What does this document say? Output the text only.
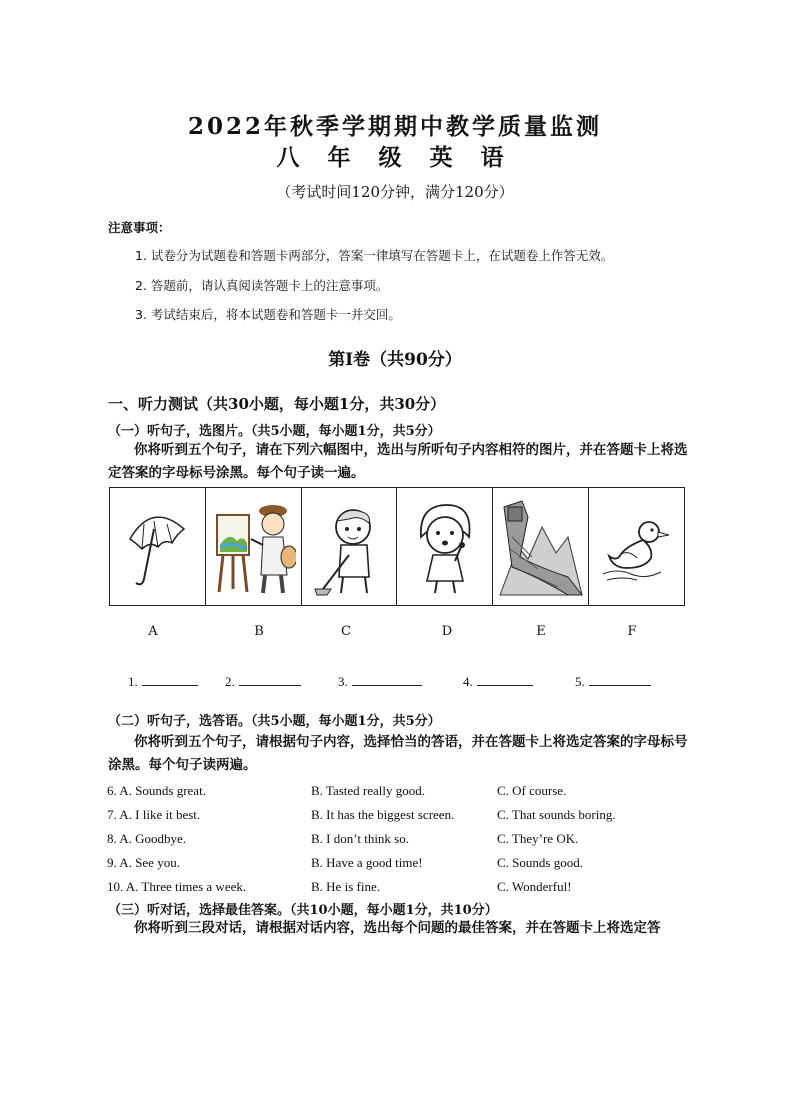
2022年秋季学期期中教学质量监测
八 年 级 英 语
（考试时间120分钟，满分120分）
注意事项：
1. 试卷分为试题卷和答题卡两部分，答案一律填写在答题卡上，在试题卷上作答无效。
2. 答题前，请认真阅读答题卡上的注意事项。
3. 考试结束后，将本试题卷和答题卡一并交回。
第Ⅰ卷（共90分）
一、听力测试（共30小题，每小题1分，共30分）
（一）听句子，选图片。（共5小题，每小题1分，共5分）
你将听到五个句子，请在下列六幅图中，选出与所听句子内容相符的图片，并在答题卡上将选定答案的字母标号涂黑。每个句子读一遍。
A	B	C	D	E	F
1.	2.	3.	4.	5.
（二）听句子，选答语。（共5小题，每小题1分，共5分）
你将听到五个句子，请根据句子内容，选择恰当的答语，并在答题卡上将选定答案的字母标号涂黑。每个句子读两遍。
6. A. Sounds great.	B. Tasted really good.	C. Of course.
7. A. I like it best.	B. It has the biggest screen.	C. That sounds boring.
8. A. Goodbye.	B. I don’t think so.	C. They’re OK.
9. A. See you.	B. Have a good time!	C. Sounds good.
10. A. Three times a week.	B. He is fine.	C. Wonderful!
（三）听对话，选择最佳答案。（共10小题，每小题1分，共10分）
你将听到三段对话，请根据对话内容，选出每个问题的最佳答案，并在答题卡上将选定答
